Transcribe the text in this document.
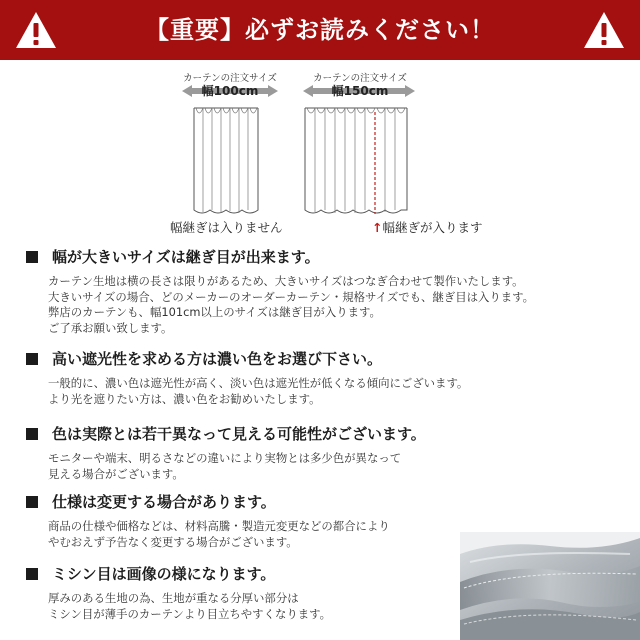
【重要】必ずお読みください！
カーテンの注文サイズ
幅100cm
幅継ぎは入りません
カーテンの注文サイズ
幅150cm
↑幅継ぎが入ります
幅が大きいサイズは継ぎ目が出来ます。
カーテン生地は横の長さは限りがあるため、大きいサイズはつなぎ合わせて製作いたします。
大きいサイズの場合、どのメーカーのオーダーカーテン・規格サイズでも、継ぎ目は入ります。
弊店のカーテンも、幅101cm以上のサイズは継ぎ目が入ります。
ご了承お願い致します。
高い遮光性を求める方は濃い色をお選び下さい。
一般的に、濃い色は遮光性が高く、淡い色は遮光性が低くなる傾向にございます。
より光を遮りたい方は、濃い色をお勧めいたします。
色は実際とは若干異なって見える可能性がございます。
モニターや端末、明るさなどの違いにより実物とは多少色が異なって
見える場合がございます。
仕様は変更する場合があります。
商品の仕様や価格などは、材料高騰・製造元変更などの都合により
やむおえず予告なく変更する場合がございます。
ミシン目は画像の様になります。
厚みのある生地の為、生地が重なる分厚い部分は
ミシン目が薄手のカーテンより目立ちやすくなります。
